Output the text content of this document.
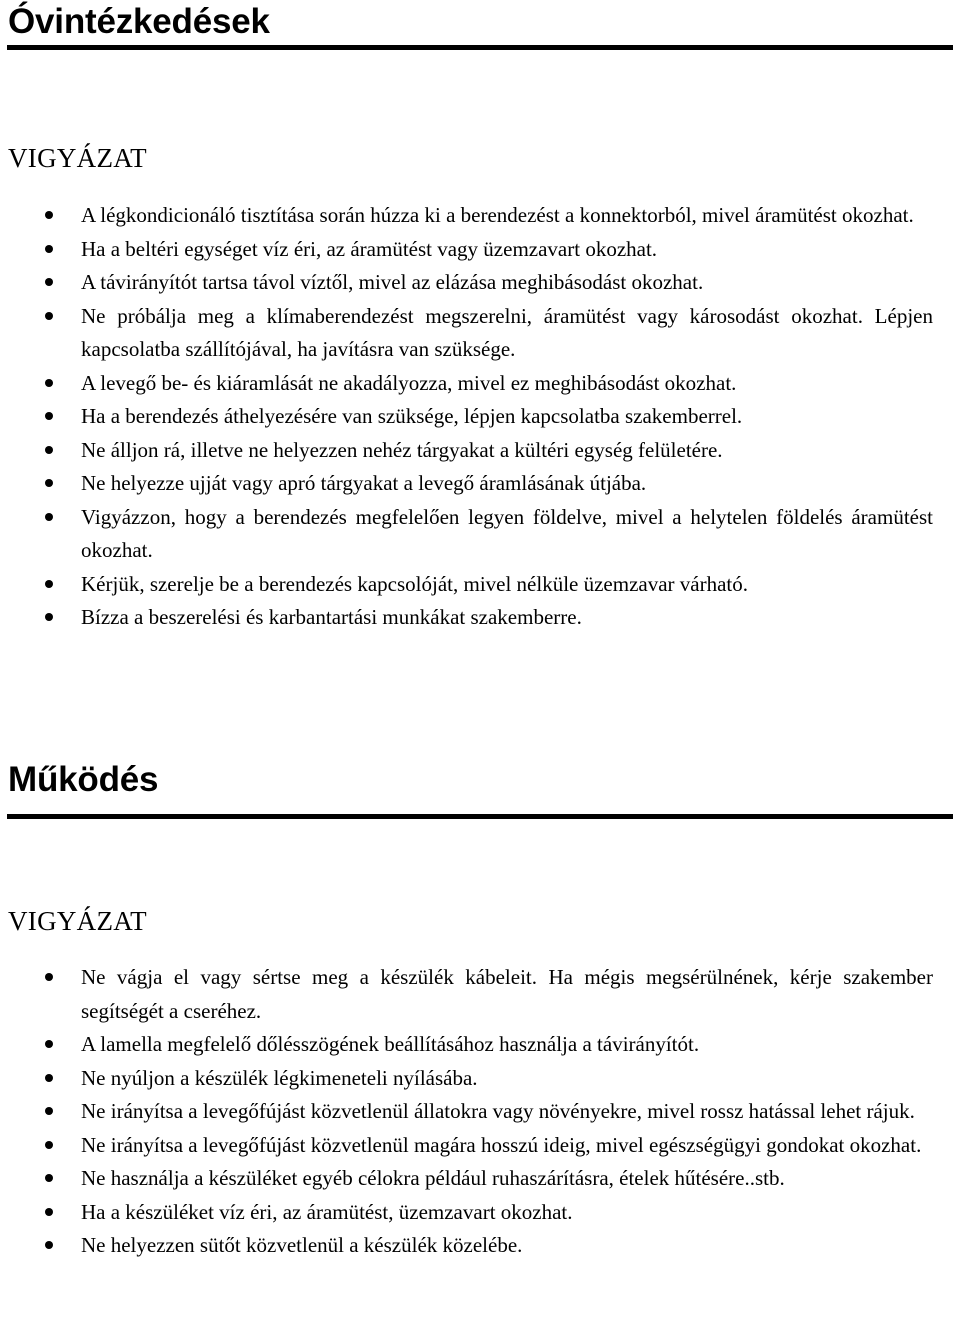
Óvintézkedések
VIGYÁZAT
A légkondicionáló tisztítása során húzza ki a berendezést a konnektorból, mivel áramütést okozhat.
Ha a beltéri egységet víz éri, az áramütést vagy üzemzavart okozhat.
A távirányítót tartsa távol víztől, mivel az elázása meghibásodást okozhat.
Ne próbálja meg a klímaberendezést megszerelni, áramütést vagy károsodást okozhat. Lépjen kapcsolatba szállítójával, ha javításra van szüksége.
A levegő be- és kiáramlását ne akadályozza, mivel ez meghibásodást okozhat.
Ha a berendezés áthelyezésére van szüksége, lépjen kapcsolatba szakemberrel.
Ne álljon rá, illetve ne helyezzen nehéz tárgyakat a kültéri egység felületére.
Ne helyezze ujját vagy apró tárgyakat a levegő áramlásának útjába.
Vigyázzon, hogy a berendezés megfelelően legyen földelve, mivel a helytelen földelés áramütést okozhat.
Kérjük, szerelje be a berendezés kapcsolóját, mivel nélküle üzemzavar várható.
Bízza a beszerelési és karbantartási munkákat szakemberre.
Működés
VIGYÁZAT
Ne vágja el vagy sértse meg a készülék kábeleit. Ha mégis megsérülnének, kérje szakember segítségét a cseréhez.
A lamella megfelelő dőlésszögének beállításához használja a távirányítót.
Ne nyúljon a készülék légkimeneteli nyílásába.
Ne irányítsa a levegőfújást közvetlenül állatokra vagy növényekre, mivel rossz hatással lehet rájuk.
Ne irányítsa a levegőfújást közvetlenül magára hosszú ideig, mivel egészségügyi gondokat okozhat.
Ne használja a készüléket egyéb célokra például ruhaszárításra, ételek hűtésére..stb.
Ha a készüléket víz éri, az áramütést, üzemzavart okozhat.
Ne helyezzen sütőt közvetlenül a készülék közelébe.
